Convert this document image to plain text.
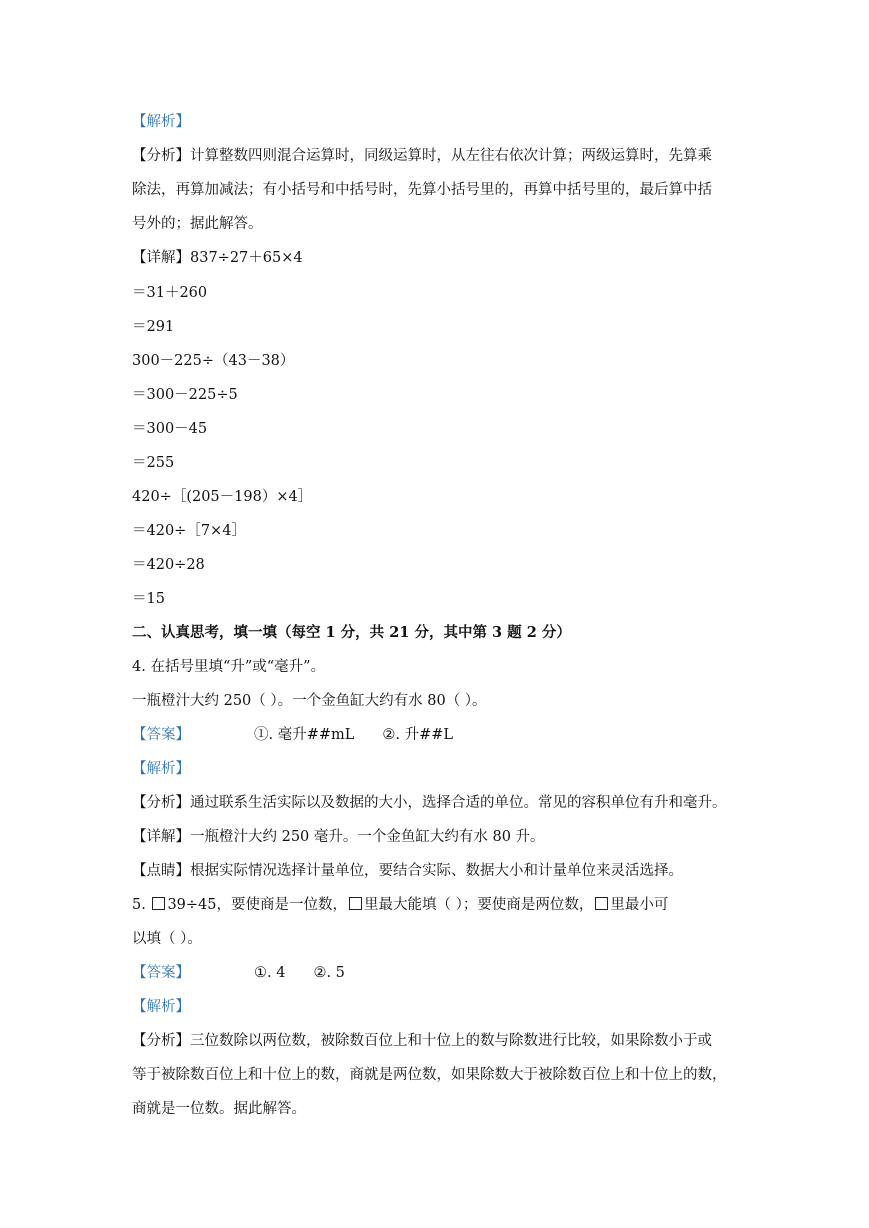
【解析】
【分析】计算整数四则混合运算时，同级运算时，从左往右依次计算；两级运算时，先算乘
除法，再算加减法；有小括号和中括号时，先算小括号里的，再算中括号里的，最后算中括
号外的；据此解答。
【详解】837÷27＋65×4
＝31＋260
＝291
300－225÷（43－38）
＝300－225÷5
＝300－45
＝255
420÷［(205－198）×4］
＝420÷［7×4］
＝420÷28
＝15
二、认真思考，填一填（每空 1 分，共 21 分，其中第 3 题 2 分）
4. 在括号里填“升”或“毫升”。
一瓶橙汁大约 250（ ）。一个金鱼缸大约有水 80（ ）。
【答案】	①. 毫升##mL ②. 升##L
【解析】
【分析】通过联系生活实际以及数据的大小，选择合适的单位。常见的容积单位有升和毫升。
【详解】一瓶橙汁大约 250 毫升。一个金鱼缸大约有水 80 升。
【点睛】根据实际情况选择计量单位，要结合实际、数据大小和计量单位来灵活选择。
5. 39÷45，要使商是一位数， 里最大能填（ ）；要使商是两位数， 里最小可
以填（ ）。
【答案】	①. 4 ②. 5
【解析】
【分析】三位数除以两位数，被除数百位上和十位上的数与除数进行比较，如果除数小于或
等于被除数百位上和十位上的数，商就是两位数，如果除数大于被除数百位上和十位上的数，
商就是一位数。据此解答。
